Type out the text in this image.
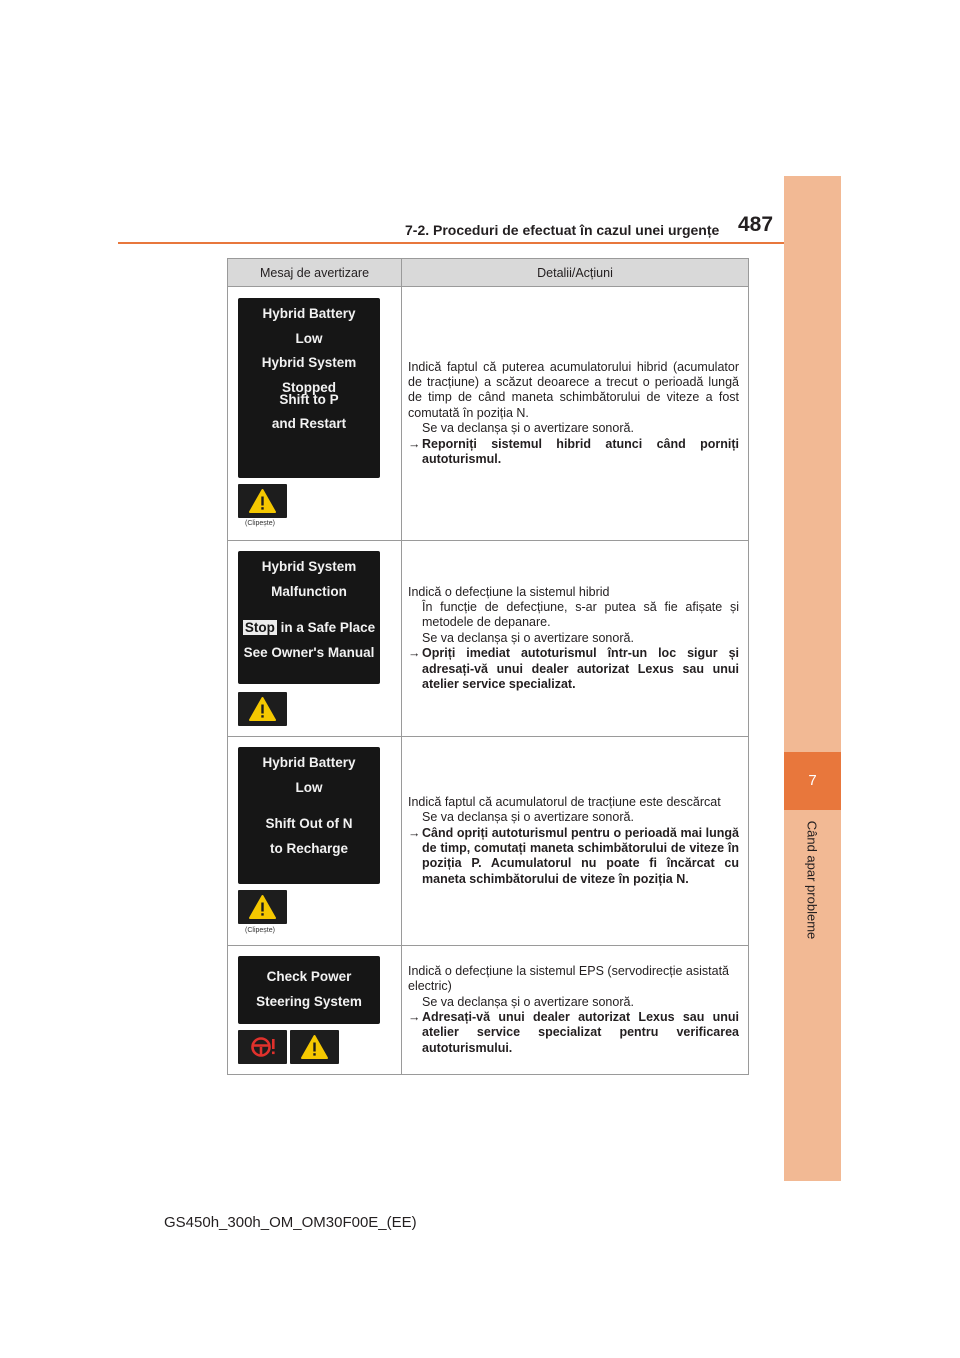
7
Când apar probleme
7-2. Proceduri de efectuat în cazul unei urgențe 487
Mesaj de avertizare	Detalii/Acțiuni
Hybrid Battery
Low
Hybrid System Stopped
Shift to P
and Restart
(Clipește)

Indică faptul că puterea acumulatorului hibrid (acumulator de tracțiune) a scăzut deoarece a trecut o perioadă lungă de timp de când maneta schimbătorului de viteze a fost comutată în poziția N.

Se va declanșa și o avertizare sonoră.

→ Reporniți sistemul hibrid atunci când porniți autoturismul.
Hybrid System
Malfunction
Stop in a Safe Place
See Owner's Manual

Indică o defecțiune la sistemul hibrid

În funcție de defecțiune, s-ar putea să fie afișate și metodele de depanare.

Se va declanșa și o avertizare sonoră.

→ Opriți imediat autoturismul într-un loc sigur și adresați-vă unui dealer autorizat Lexus sau unui atelier service specializat.
Hybrid Battery
Low
Shift Out of N
to Recharge
(Clipește)

Indică faptul că acumulatorul de tracțiune este descărcat

Se va declanșa și o avertizare sonoră.

→ Când opriți autoturismul pentru o perioadă mai lungă de timp, comutați maneta schimbătorului de viteze în poziția P. Acumulatorul nu poate fi încărcat cu maneta schimbătorului de viteze în poziția N.
Check Power
Steering System

Indică o defecțiune la sistemul EPS (servodirecție asistată electric)

Se va declanșa și o avertizare sonoră.

→ Adresați-vă unui dealer autorizat Lexus sau unui atelier service specializat pentru verificarea autoturismului.
GS450h_300h_OM_OM30F00E_(EE)
